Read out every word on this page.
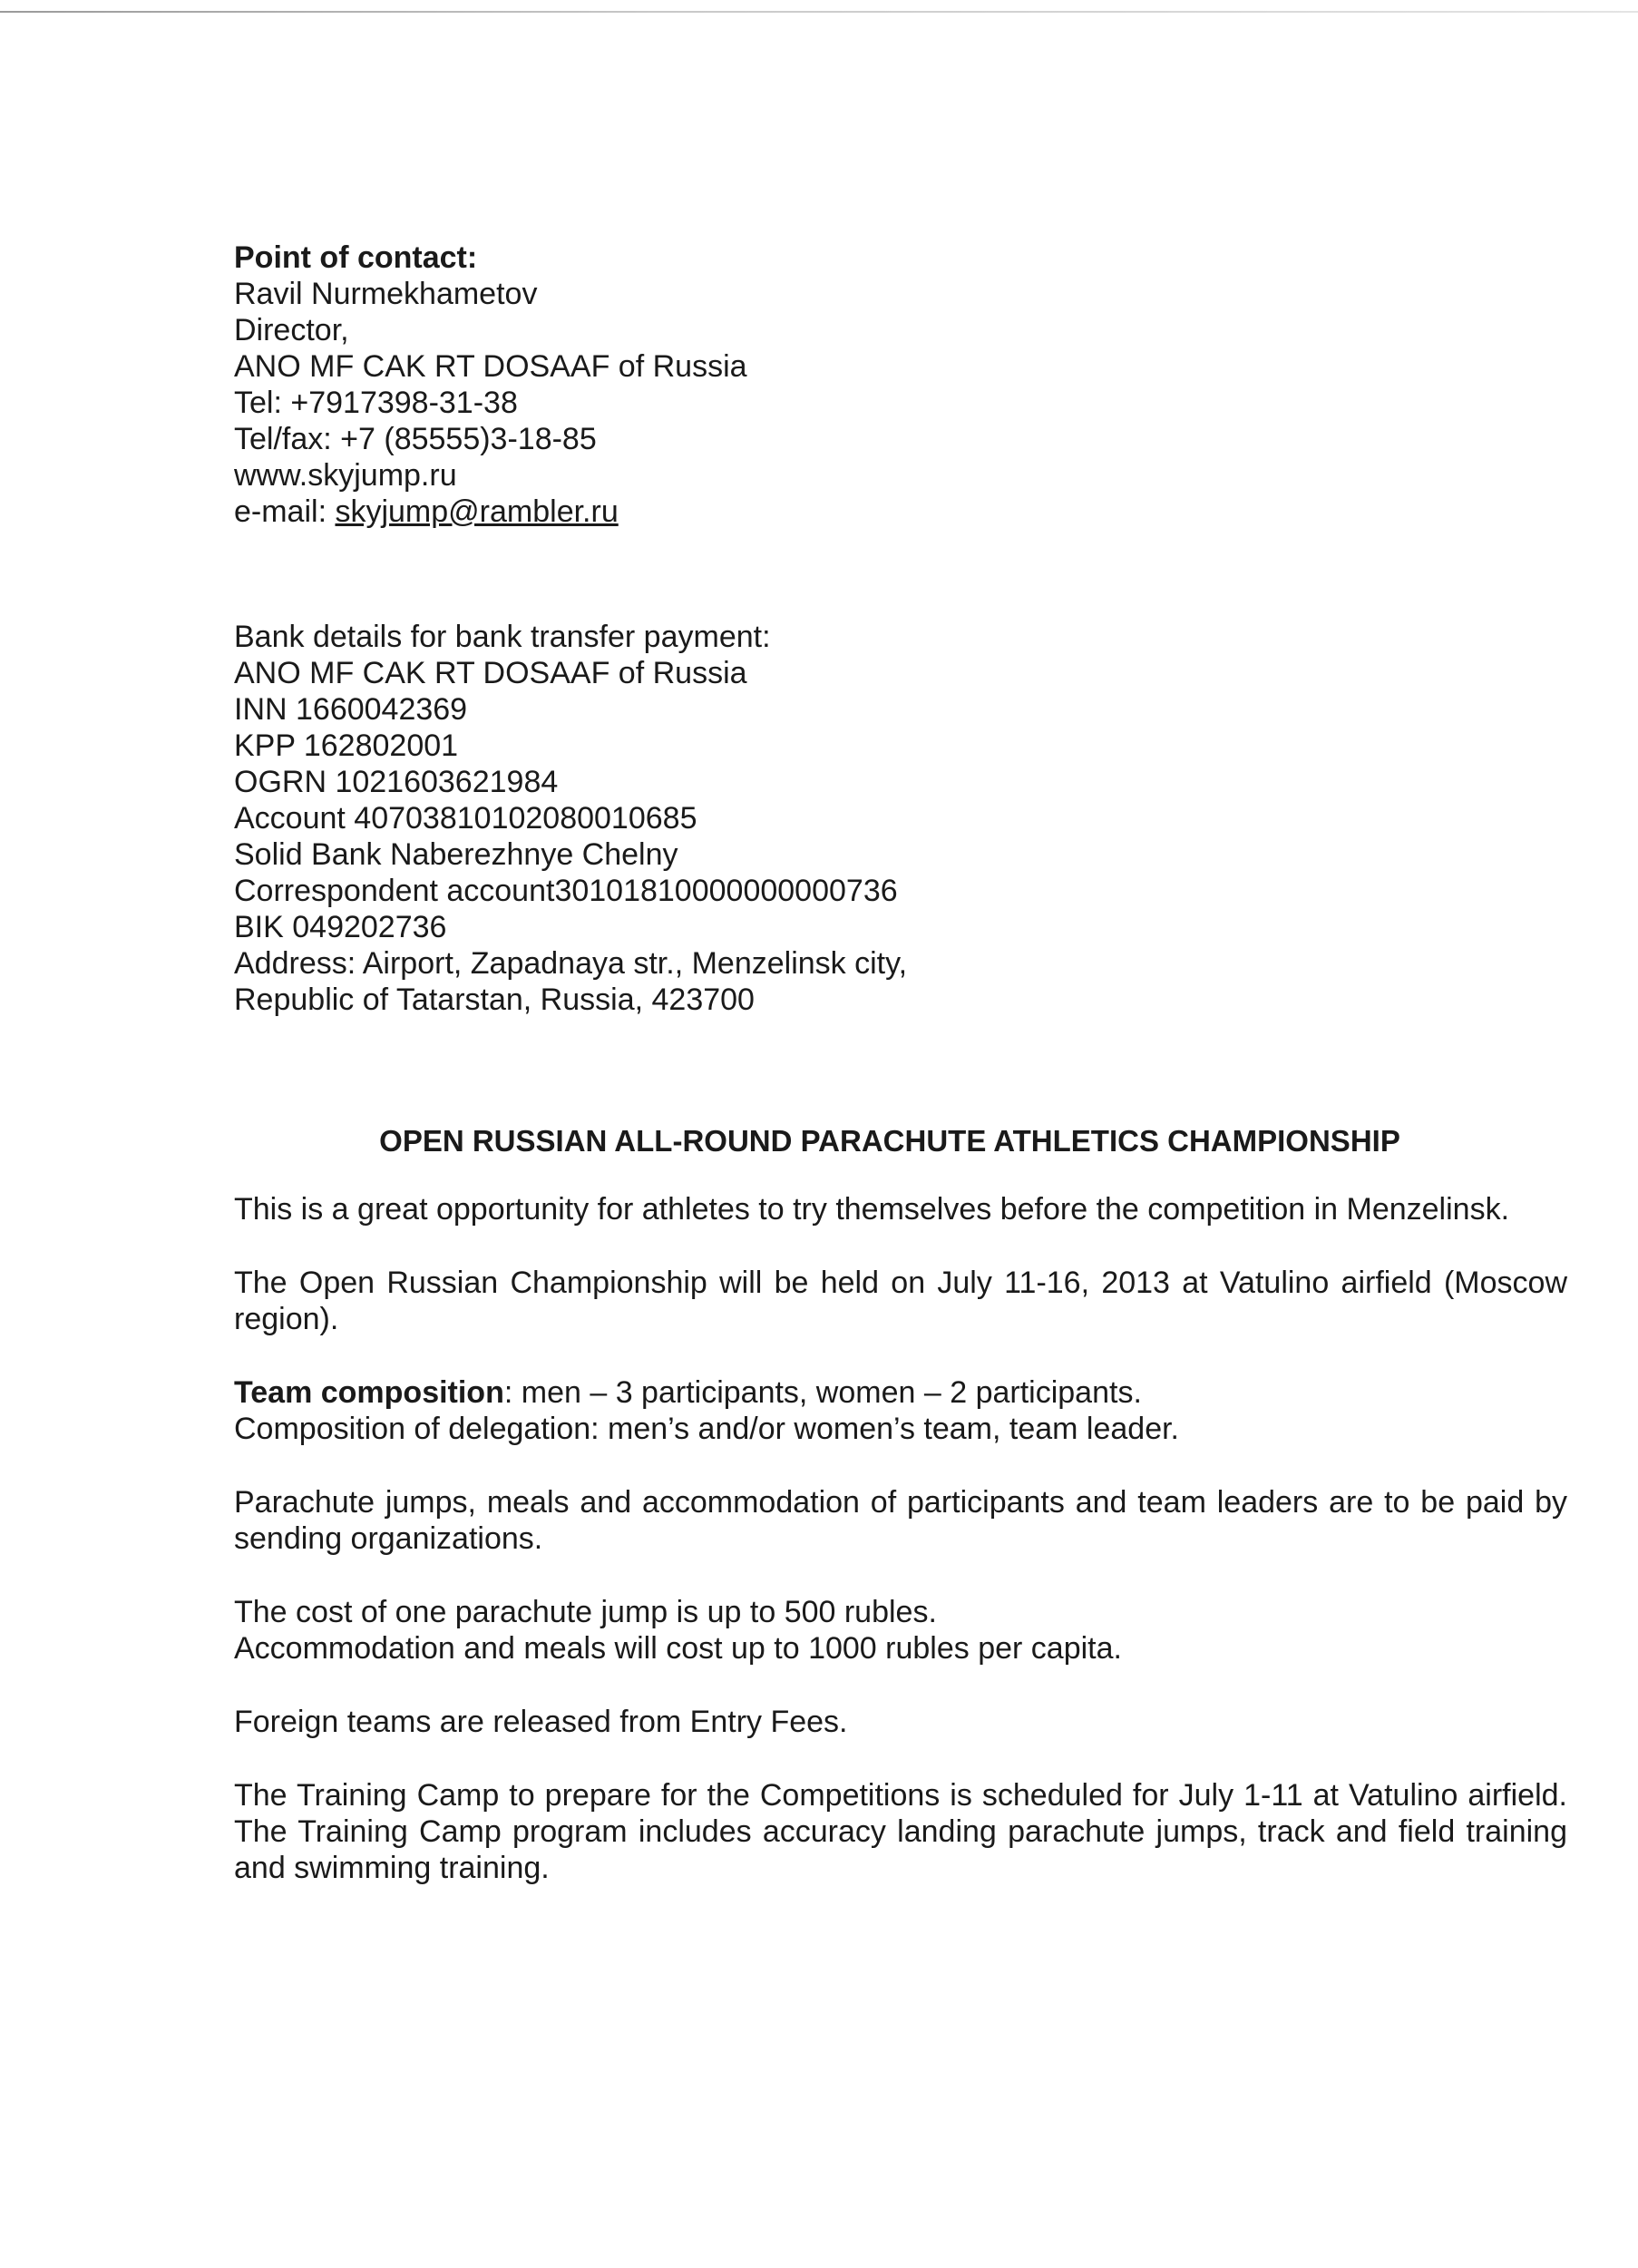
Point of contact:
Ravil Nurmekhametov
Director,
ANO MF CAK RT DOSAAF of Russia
Tel: +7917398-31-38
Tel/fax: +7 (85555)3-18-85
www.skyjump.ru
e-mail: skyjump@rambler.ru
Bank details for bank transfer payment:
ANO MF CAK RT DOSAAF of Russia
INN 1660042369
KPP 162802001
OGRN 1021603621984
Account 40703810102080010685
Solid Bank Naberezhnye Chelny
Correspondent account30101810000000000736
BIK 049202736
Address: Airport, Zapadnaya str., Menzelinsk city,
Republic of Tatarstan, Russia, 423700
OPEN RUSSIAN ALL-ROUND PARACHUTE ATHLETICS CHAMPIONSHIP
This is a great opportunity for athletes to try themselves before the competition in Menzelinsk.
The Open Russian Championship will be held on July 11-16, 2013 at Vatulino airfield (Moscow region).
Team composition: men – 3 participants, women – 2 participants.
Composition of delegation: men’s and/or women’s team, team leader.
Parachute jumps, meals and accommodation of participants and team leaders are to be paid by sending organizations.
The cost of one parachute jump is up to 500 rubles.
Accommodation and meals will cost up to 1000 rubles per capita.
Foreign teams are released from Entry Fees.
The Training Camp to prepare for the Competitions is scheduled for July 1-11 at Vatulino airfield. The Training Camp program includes accuracy landing parachute jumps, track and field training and swimming training.
